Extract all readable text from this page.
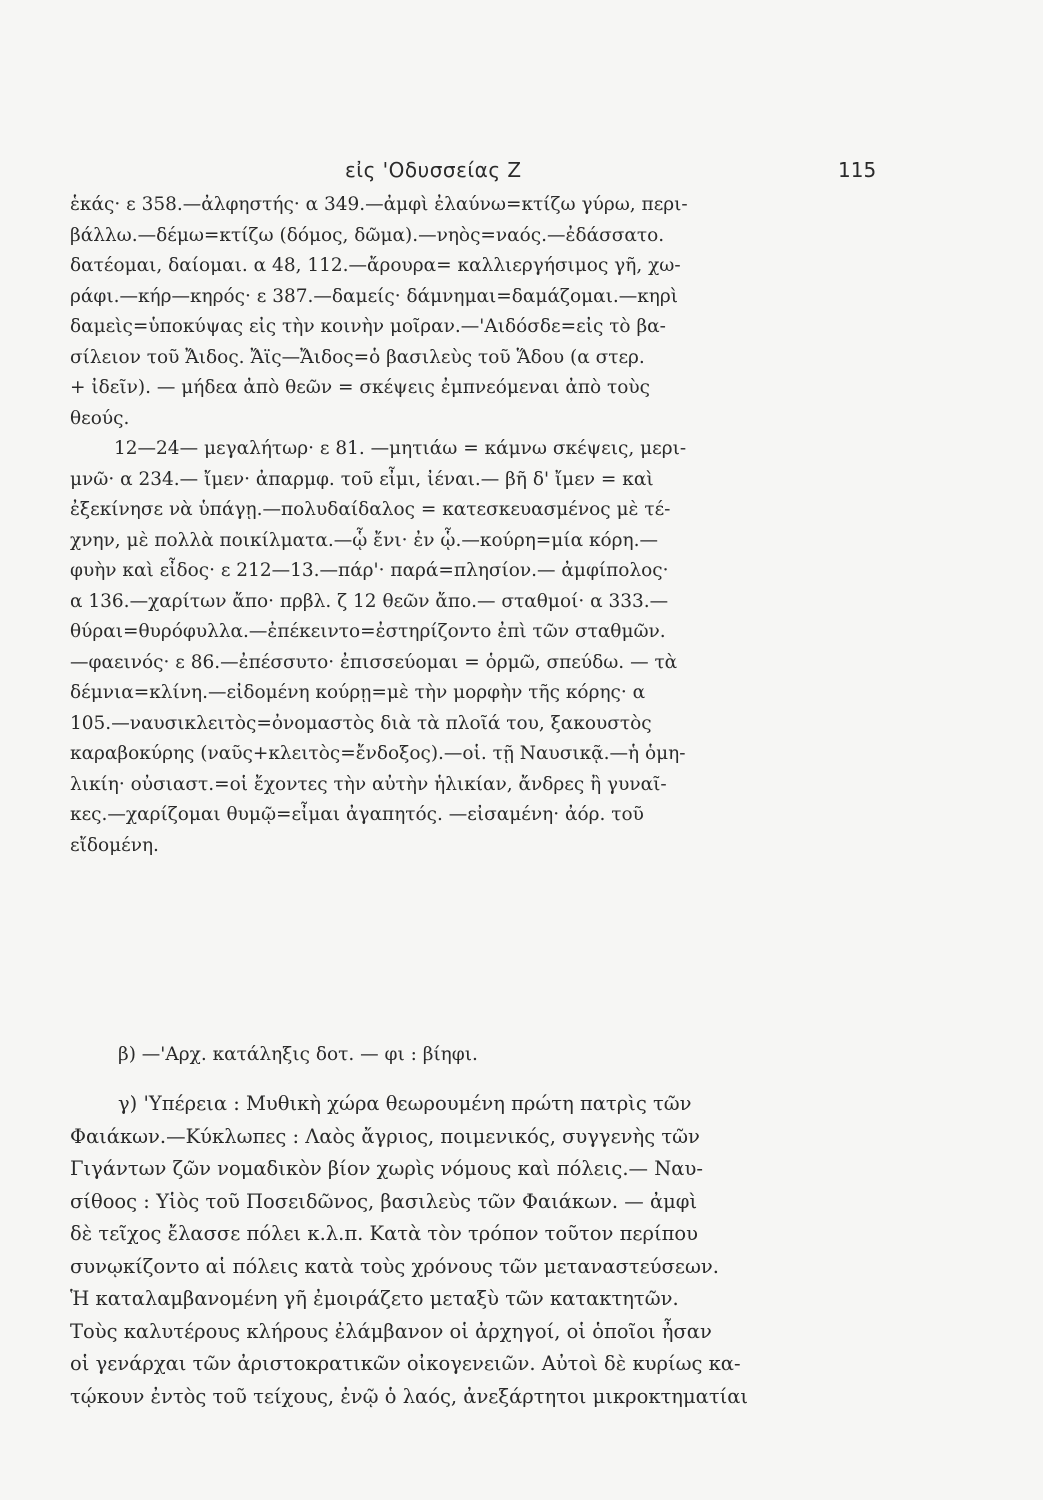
εἰς 'Οδυσσείας Ζ	115
ἑκάς· ε 358.—ἀλφηστής· α 349.—ἀμφὶ ἐλαύνω=κτίζω γύρω, περι-
βάλλω.—δέμω=κτίζω (δόμος, δῶμα).—νηὸς=ναός.—ἐδάσσατο.
δατέομαι, δαίομαι. α 48, 112.—ἄρουρα= καλλιεργήσιμος γῆ, χω-
ράφι.—κήρ—κηρός· ε 387.—δαμείς· δάμνημαι=δαμάζομαι.—κηρὶ
δαμεὶς=ὑποκύψας εἰς τὴν κοινὴν μοῖραν.—'Αιδόσδε=εἰς τὸ βα-
σίλειον τοῦ Ἄιδος. Ἄϊς—Ἄιδος=ὁ βασιλεὺς τοῦ Ἅδου (α στερ.
+ ἰδεῖν). — μήδεα ἀπὸ θεῶν = σκέψεις ἐμπνεόμεναι ἀπὸ τοὺς
θεούς.
12—24— μεγαλήτωρ· ε 81. —μητιάω = κάμνω σκέψεις, μερι-
μνῶ· α 234.— ἴμεν· ἀπαρμφ. τοῦ εἶμι, ἰέναι.— βῆ δ' ἴμεν = καὶ
ἐξεκίνησε νὰ ὑπάγῃ.—πολυδαίδαλος = κατεσκευασμένος μὲ τέ-
χνην, μὲ πολλὰ ποικίλματα.—ᾧ ἔνι· ἐν ᾧ.—κούρη=μία κόρη.—
φυὴν καὶ εἶδος· ε 212—13.—πάρ'· παρά=πλησίον.— ἀμφίπολος·
α 136.—χαρίτων ἄπο· πρβλ. ζ 12 θεῶν ἄπο.— σταθμοί· α 333.—
θύραι=θυρόφυλλα.—ἐπέκειντο=ἐστηρίζοντο ἐπὶ τῶν σταθμῶν.
—φαεινός· ε 86.—ἐπέσσυτο· ἐπισσεύομαι = ὁρμῶ, σπεύδω. — τὰ
δέμνια=κλίνη.—εἰδομένη κούρῃ=μὲ τὴν μορφὴν τῆς κόρης· α
105.—ναυσικλειτὸς=ὀνομαστὸς διὰ τὰ πλοῖά του, ξακουστὸς
καραβοκύρης (ναῦς+κλειτὸς=ἔνδοξος).—οἱ. τῇ Ναυσικᾷ.—ἡ ὁμη-
λικίη· οὐσιαστ.=οἱ ἔχοντες τὴν αὐτὴν ἡλικίαν, ἄνδρες ἢ γυναῖ-
κες.—χαρίζομαι θυμῷ=εἶμαι ἀγαπητός. —εἰσαμένη· ἀόρ. τοῦ
εἴδομένη.
β) —'Αρχ. κατάληξις δοτ. — φι : βίηφι.
γ) 'Υπέρεια : Μυθικὴ χώρα θεωρουμένη πρώτη πατρὶς τῶν
Φαιάκων.—Κύκλωπες : Λαὸς ἄγριος, ποιμενικός, συγγενὴς τῶν
Γιγάντων ζῶν νομαδικὸν βίον χωρὶς νόμους καὶ πόλεις.— Ναυ-
σίθοος : Υἱὸς τοῦ Ποσειδῶνος, βασιλεὺς τῶν Φαιάκων. — ἀμφὶ
δὲ τεῖχος ἔλασσε πόλει κ.λ.π. Κατὰ τὸν τρόπον τοῦτον περίπου
συνῳκίζοντο αἱ πόλεις κατὰ τοὺς χρόνους τῶν μεταναστεύσεων.
Ἡ καταλαμβανομένη γῆ ἐμοιράζετο μεταξὺ τῶν κατακτητῶν.
Τοὺς καλυτέρους κλήρους ἐλάμβανον οἱ ἀρχηγοί, οἱ ὁποῖοι ἦσαν
οἱ γενάρχαι τῶν ἀριστοκρατικῶν οἰκογενειῶν. Αὐτοὶ δὲ κυρίως κα-
τῴκουν ἐντὸς τοῦ τείχους, ἐνῷ ὁ λαός, ἀνεξάρτητοι μικροκτηματίαι
